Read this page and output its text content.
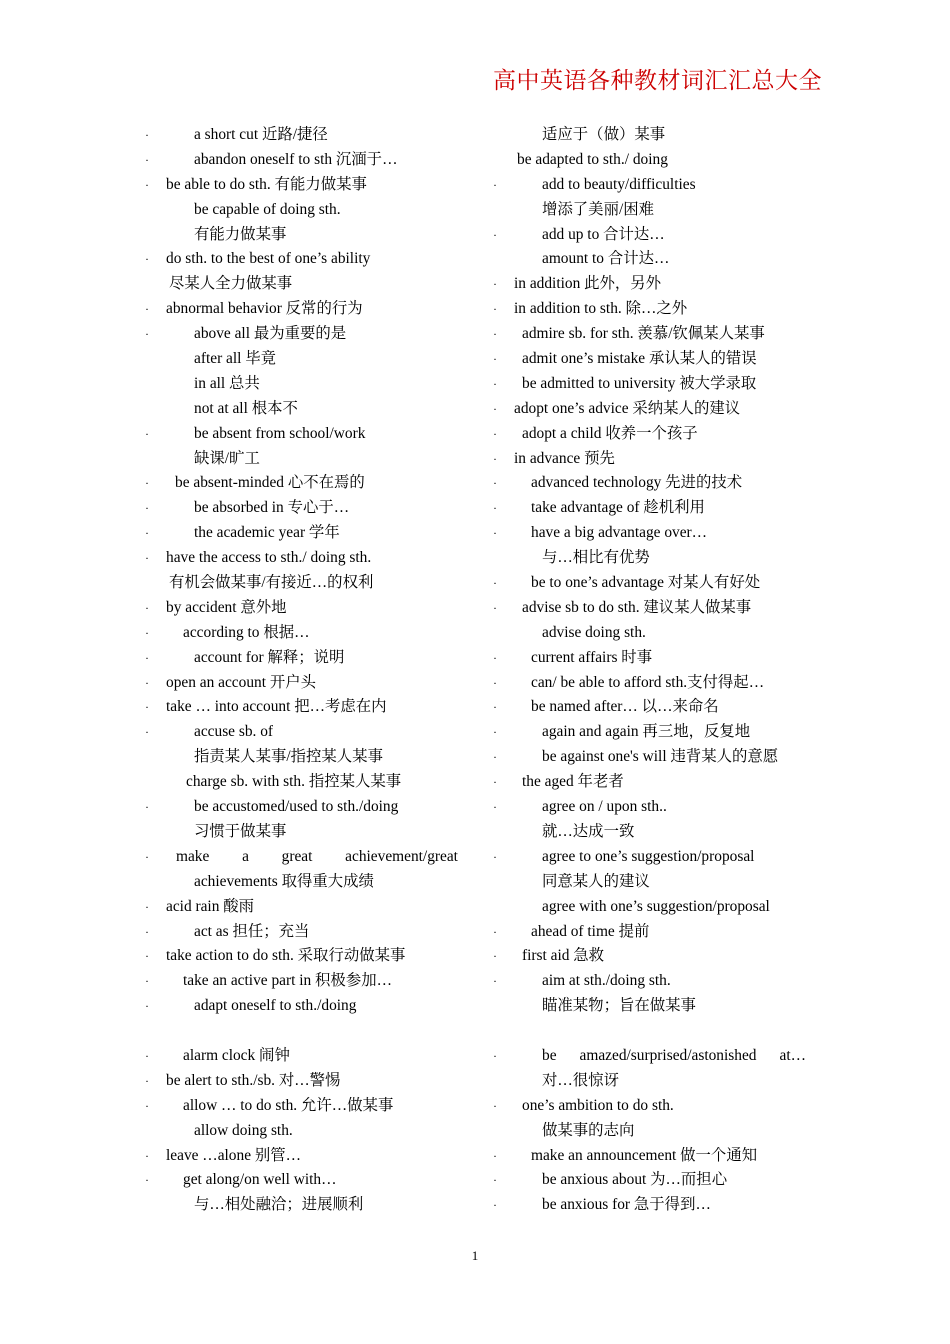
高中英语各种教材词汇汇总大全
·	a short cut 近路/捷径
·	abandon oneself to sth 沉湎于…
· be able to do sth. 有能力做某事
be capable of doing sth.
有能力做某事
· do sth. to the best of one’s ability
尽某人全力做某事
· abnormal behavior 反常的行为
·	above all 最为重要的是
after all 毕竟
in all 总共
not at all 根本不
·	be absent from school/work
缺课/旷工
· be absent-minded 心不在焉的
·	be absorbed in 专心于…
·	the academic year 学年
· have the access to sth./ doing sth.
有机会做某事/有接近…的权利
· by accident 意外地
· according to 根据…
·	account for 解释；说明
· open an account 开户头
· take … into account 把…考虑在内
·	accuse sb. of
指责某人某事/指控某人某事
charge sb. with sth. 指控某人某事
·	be accustomed/used to sth./doing
习惯于做某事
· make a great achievement/great
achievements 取得重大成绩
· acid rain 酸雨
·	act as 担任；充当
· take action to do sth. 采取行动做某事
· take an active part in 积极参加…
·	adapt oneself to sth./doing
· alarm clock 闹钟
· be alert to sth./sb. 对…警惕
· allow … to do sth. 允许…做某事
allow doing sth.
· leave …alone 别管…
· get along/on well with…
与…相处融洽；进展顺利
适应于（做）某事
be adapted to sth./ doing
·	add to beauty/difficulties
增添了美丽/困难
·	add up to 合计达…
amount to 合计达…
· in addition 此外，另外
· in addition to sth. 除…之外
· admire sb. for sth. 羡慕/钦佩某人某事
· admit one’s mistake 承认某人的错误
· be admitted to university 被大学录取
· adopt one’s advice 采纳某人的建议
· adopt a child 收养一个孩子
· in advance 预先
· advanced technology 先进的技术
· take advantage of 趁机利用
· have a big advantage over…
与…相比有优势
· be to one’s advantage 对某人有好处
· advise sb to do sth. 建议某人做某事
advise doing sth.
· current affairs 时事
· can/ be able to afford sth.支付得起…
· be named after… 以…来命名
·	again and again 再三地，反复地
·	be against one's will 违背某人的意愿
· the aged 年老者
·	agree on / upon sth..
就…达成一致
·	agree to one’s suggestion/proposal
同意某人的建议
agree with one’s suggestion/proposal
· ahead of time 提前
· first aid 急救
·	aim at sth./doing sth.
瞄准某物；旨在做某事
·	be amazed/surprised/astonished at…
对…很惊讶
· one’s ambition to do sth.
做某事的志向
· make an announcement 做一个通知
·	be anxious about 为…而担心
·	be anxious for 急于得到…
1
